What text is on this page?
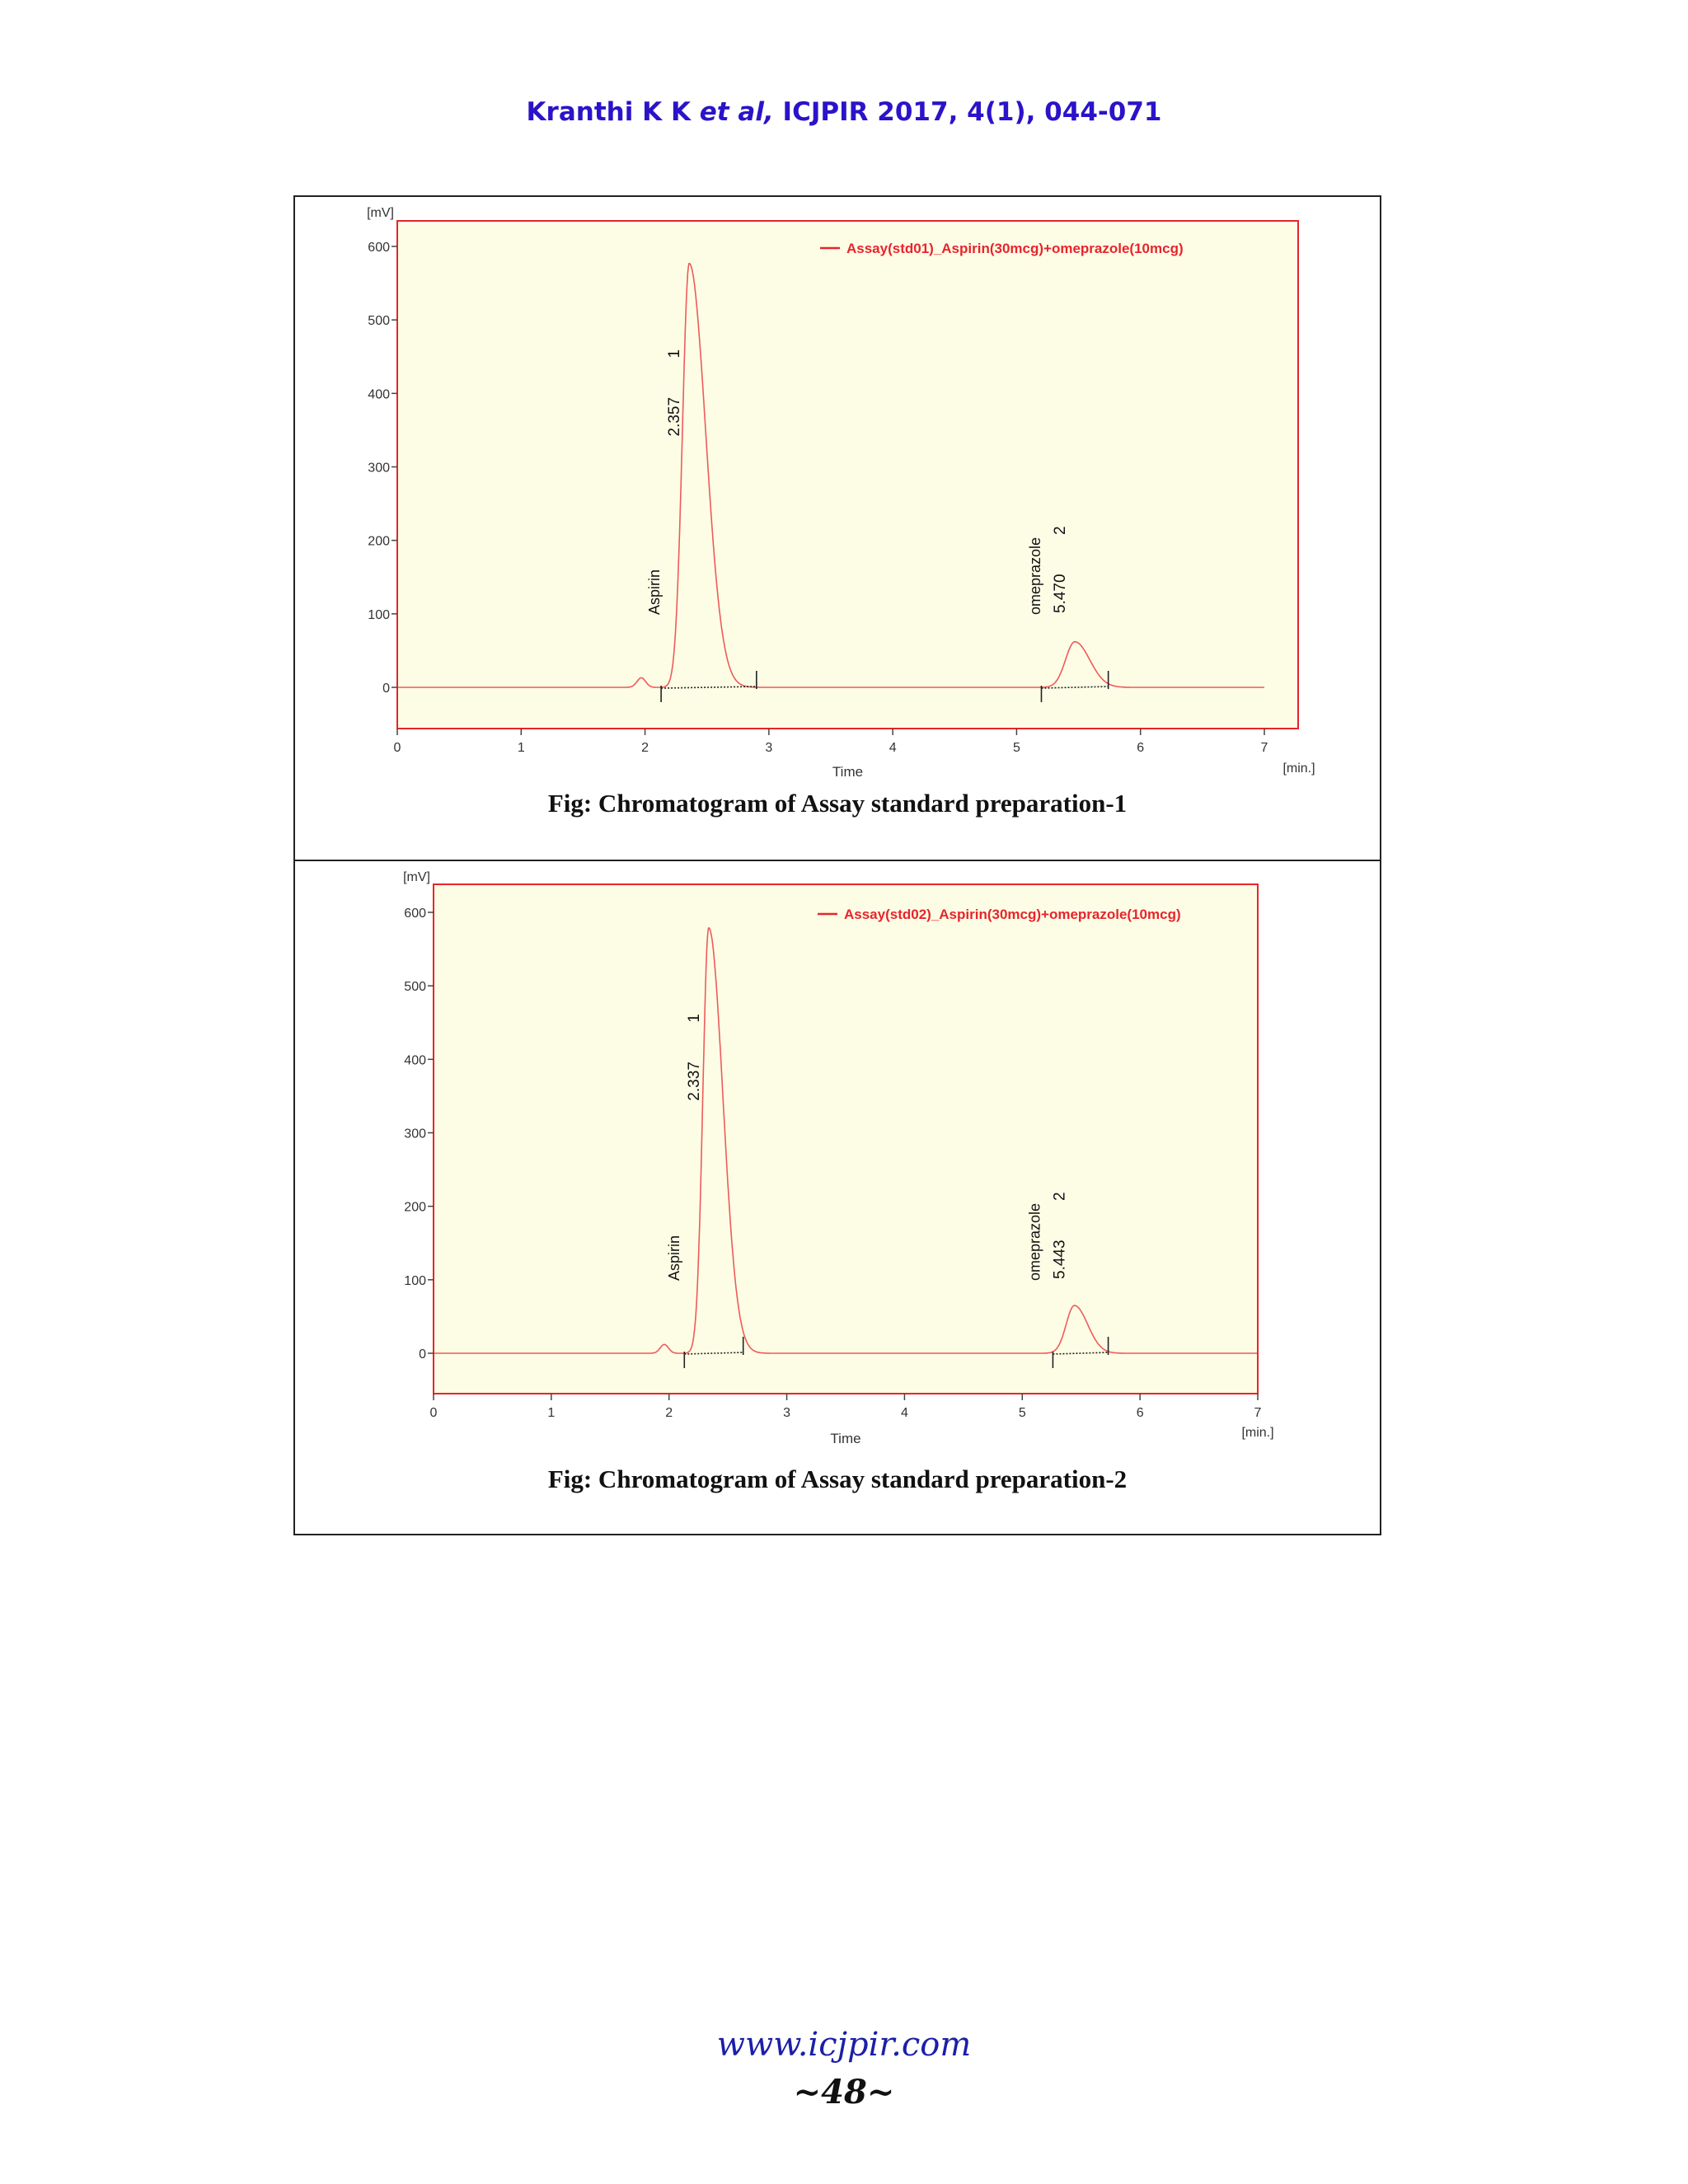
Kranthi K K et al, ICJPIR 2017, 4(1), 044-071
0
100
200
300
400
500
600
[mV]
0	1	2	3	4	5	6	7
Time	[min.]
Assay(std01)_Aspirin(30mcg)+omeprazole(10mcg)
2.357
1
Aspirin	5.470
2
omeprazole
Fig: Chromatogram of Assay standard preparation-1
0
100
200
300
400
500
600
[mV]
0	1	2	3	4	5	6	7
Time	[min.]
Assay(std02)_Aspirin(30mcg)+omeprazole(10mcg)
2.337
1
Aspirin	5.443
2
omeprazole
Fig: Chromatogram of Assay standard preparation-2
www.icjpir.com
~48~
